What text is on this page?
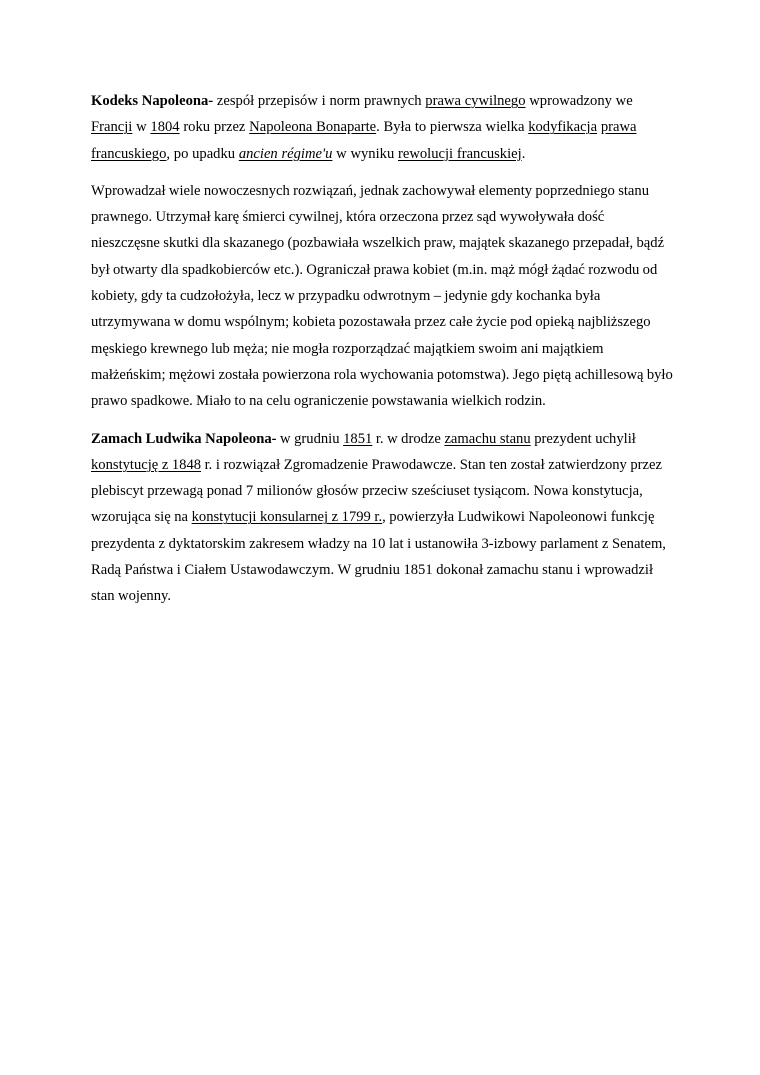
Kodeks Napoleona- zespół przepisów i norm prawnych prawa cywilnego wprowadzony we Francji w 1804 roku przez Napoleona Bonaparte. Była to pierwsza wielka kodyfikacja prawa francuskiego, po upadku ancien régime'u w wyniku rewolucji francuskiej.

Wprowadzał wiele nowoczesnych rozwiązań, jednak zachowywał elementy poprzedniego stanu prawnego. Utrzymał karę śmierci cywilnej, która orzeczona przez sąd wywoływała dość nieszczęsne skutki dla skazanego (pozbawiała wszelkich praw, majątek skazanego przepadał, bądź był otwarty dla spadkobierców etc.). Ograniczał prawa kobiet (m.in. mąż mógł żądać rozwodu od kobiety, gdy ta cudzołożyła, lecz w przypadku odwrotnym – jedynie gdy kochanka była utrzymywana w domu wspólnym; kobieta pozostawała przez całe życie pod opieką najbliższego męskiego krewnego lub męża; nie mogła rozporządzać majątkiem swoim ani majątkiem małżeńskim; mężowi została powierzona rola wychowania potomstwa). Jego piętą achillesową było prawo spadkowe. Miało to na celu ograniczenie powstawania wielkich rodzin.

Zamach Ludwika Napoleona- w grudniu 1851 r. w drodze zamachu stanu prezydent uchylił konstytucję z 1848 r. i rozwiązał Zgromadzenie Prawodawcze. Stan ten został zatwierdzony przez plebiscyt przewagą ponad 7 milionów głosów przeciw sześciuset tysiącom. Nowa konstytucja, wzorująca się na konstytucji konsularnej z 1799 r., powierzyła Ludwikowi Napoleonowi funkcję prezydenta z dyktatorskim zakresem władzy na 10 lat i ustanowiła 3-izbowy parlament z Senatem, Radą Państwa i Ciałem Ustawodawczym. W grudniu 1851 dokonał zamachu stanu i wprowadził stan wojenny.
